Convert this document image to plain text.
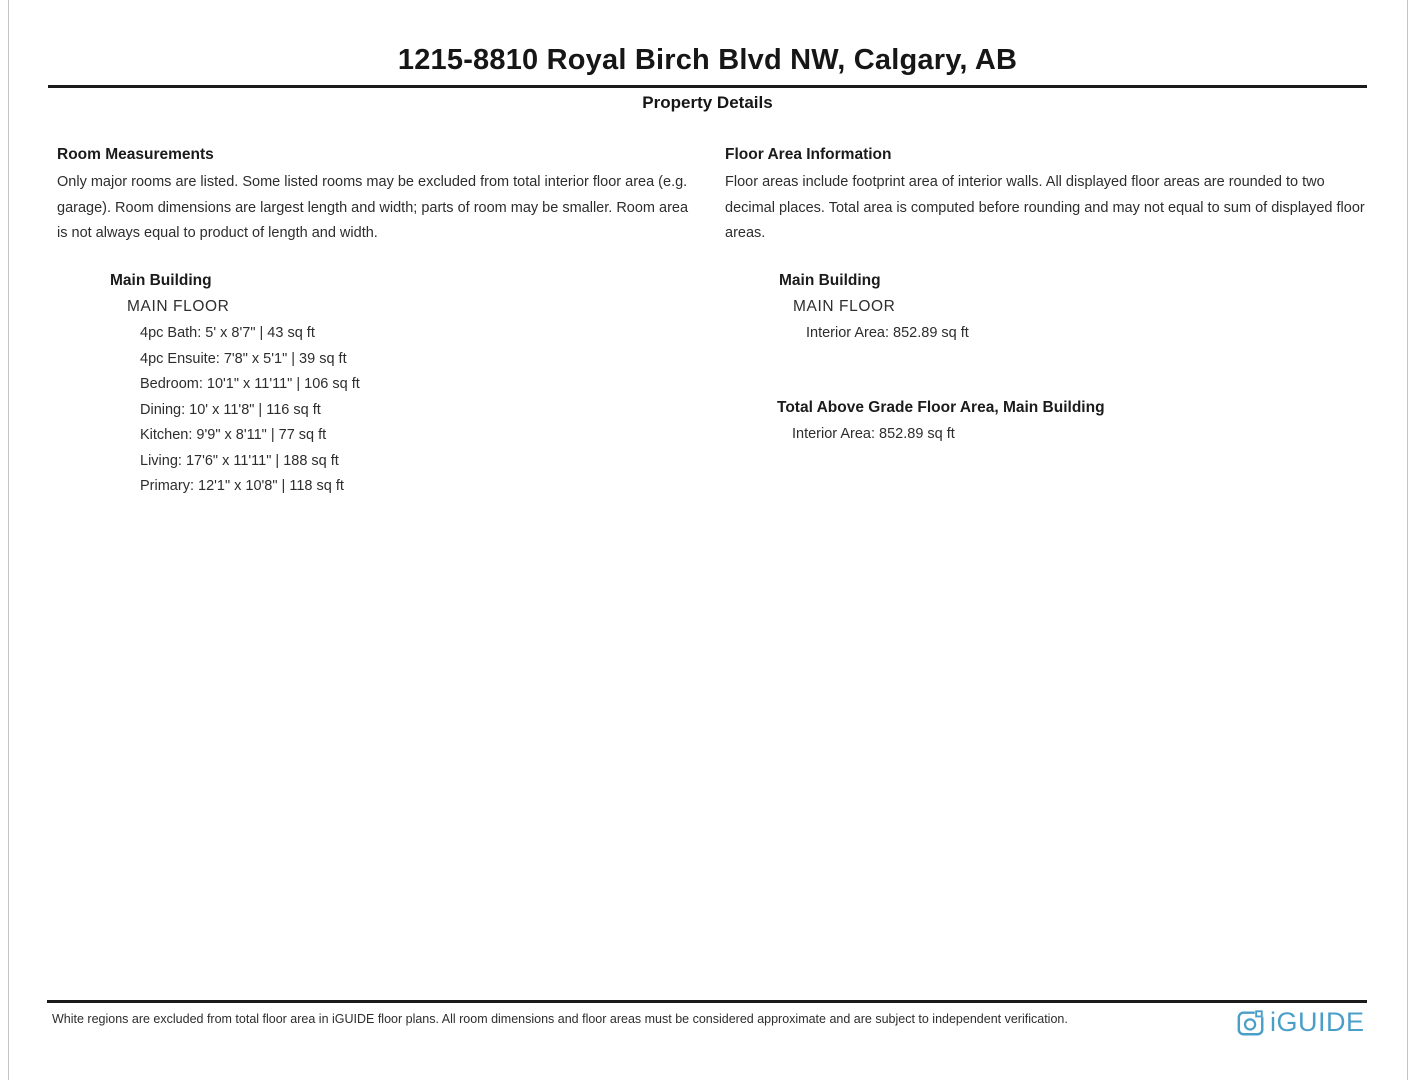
1215-8810 Royal Birch Blvd NW, Calgary, AB
Property Details
Room Measurements

Only major rooms are listed. Some listed rooms may be excluded from total interior floor area (e.g. garage). Room dimensions are largest length and width; parts of room may be smaller. Room area is not always equal to product of length and width.

Main Building
MAIN FLOOR
4pc Bath: 5' x 8'7" | 43 sq ft
4pc Ensuite: 7'8" x 5'1" | 39 sq ft
Bedroom: 10'1" x 11'11" | 106 sq ft
Dining: 10' x 11'8" | 116 sq ft
Kitchen: 9'9" x 8'11" | 77 sq ft
Living: 17'6" x 11'11" | 188 sq ft
Primary: 12'1" x 10'8" | 118 sq ft
Floor Area Information

Floor areas include footprint area of interior walls. All displayed floor areas are rounded to two decimal places. Total area is computed before rounding and may not equal to sum of displayed floor areas.

Main Building
MAIN FLOOR
Interior Area: 852.89 sq ft
Total Above Grade Floor Area, Main Building
Interior Area: 852.89 sq ft

White regions are excluded from total floor area in iGUIDE floor plans. All room dimensions and floor areas must be considered approximate and are subject to independent verification.	iGUIDE
